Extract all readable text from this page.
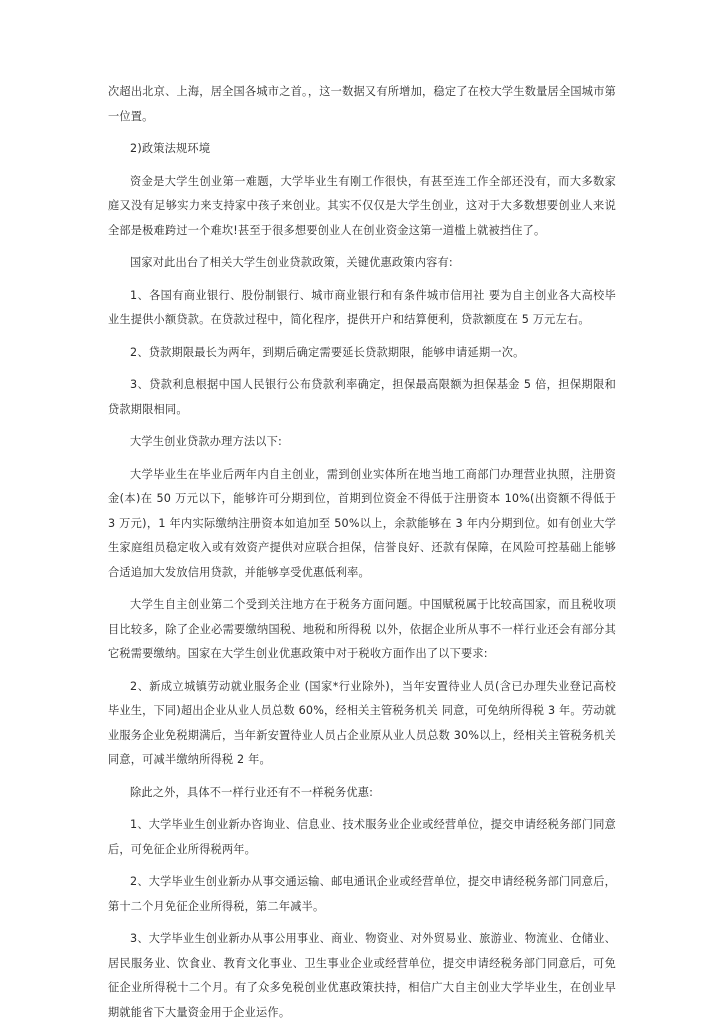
次超出北京、上海，居全国各城市之首。，这一数据又有所增加，稳定了在校大学生数量居全国城市第一位置。

2)政策法规环境

资金是大学生创业第一难题，大学毕业生有刚工作很快，有甚至连工作全部还没有，而大多数家庭又没有足够实力来支持家中孩子来创业。其实不仅仅是大学生创业，这对于大多数想要创业人来说全部是极难跨过一个难坎!甚至于很多想要创业人在创业资金这第一道槛上就被挡住了。

国家对此出台了相关大学生创业贷款政策，关键优惠政策内容有:

1、各国有商业银行、股份制银行、城市商业银行和有条件城市信用社 要为自主创业各大高校毕业生提供小额贷款。在贷款过程中，简化程序，提供开户和结算便利，贷款额度在 5 万元左右。

2、贷款期限最长为两年，到期后确定需要延长贷款期限，能够申请延期一次。

3、贷款利息根据中国人民银行公布贷款利率确定，担保最高限额为担保基金 5 倍，担保期限和贷款期限相同。

大学生创业贷款办理方法以下:

大学毕业生在毕业后两年内自主创业，需到创业实体所在地当地工商部门办理营业执照，注册资金(本)在 50 万元以下，能够许可分期到位，首期到位资金不得低于注册资本 10%(出资额不得低于 3 万元)，1 年内实际缴纳注册资本如追加至 50%以上，余款能够在 3 年内分期到位。如有创业大学生家庭组员稳定收入或有效资产提供对应联合担保，信誉良好、还款有保障，在风险可控基础上能够合适追加大发放信用贷款，并能够享受优惠低利率。

大学生自主创业第二个受到关注地方在于税务方面问题。中国赋税属于比较高国家，而且税收项目比较多，除了企业必需要缴纳国税、地税和所得税 以外，依据企业所从事不一样行业还会有部分其它税需要缴纳。国家在大学生创业优惠政策中对于税收方面作出了以下要求:

2、新成立城镇劳动就业服务企业 (国家*行业除外)，当年安置待业人员(含已办理失业登记高校毕业生，下同)超出企业从业人员总数 60%，经相关主管税务机关 同意，可免纳所得税 3 年。劳动就业服务企业免税期满后，当年新安置待业人员占企业原从业人员总数 30%以上，经相关主管税务机关同意，可减半缴纳所得税 2 年。

除此之外，具体不一样行业还有不一样税务优惠:

1、大学毕业生创业新办咨询业、信息业、技术服务业企业或经营单位，提交申请经税务部门同意后，可免征企业所得税两年。

2、大学毕业生创业新办从事交通运输、邮电通讯企业或经营单位，提交申请经税务部门同意后，第十二个月免征企业所得税，第二年减半。

3、大学毕业生创业新办从事公用事业、商业、物资业、对外贸易业、旅游业、物流业、仓储业、居民服务业、饮食业、教育文化事业、卫生事业企业或经营单位，提交申请经税务部门同意后，可免征企业所得税十二个月。有了众多免税创业优惠政策扶持，相信广大自主创业大学毕业生，在创业早期就能省下大量资金用于企业运作。
